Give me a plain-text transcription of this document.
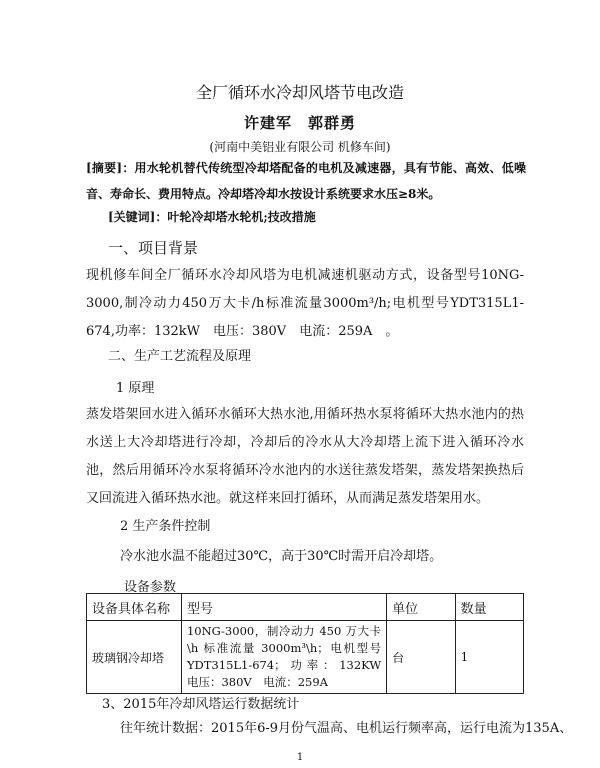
全厂循环水冷却风塔节电改造
许建军　郭群勇
(河南中美铝业有限公司 机修车间)
[摘要]：用水轮机替代传统型冷却塔配备的电机及减速器，具有节能、高效、低噪音、寿命长、费用特点。冷却塔冷却水按设计系统要求水压≥8米。
[关键词]：叶轮冷却塔水轮机;技改措施
一、项目背景
现机修车间全厂循环水冷却风塔为电机减速机驱动方式，设备型号10NG-3000,制冷动力450万大卡/h标准流量3000m³/h;电机型号YDT315L1-674,功率：132kW　电压：380V　电流：259A　。
二、生产工艺流程及原理
1 原理
蒸发塔架回水进入循环水循环大热水池,用循环热水泵将循环大热水池内的热水送上大冷却塔进行冷却，冷却后的冷水从大冷却塔上流下进入循环冷水池，然后用循环冷水泵将循环冷水池内的水送往蒸发塔架，蒸发塔架换热后又回流进入循环热水池。就这样来回打循环，从而满足蒸发塔架用水。
2 生产条件控制
冷水池水温不能超过30℃，高于30℃时需开启冷却塔。
设备参数
设备具体名称	型号	单位	数量
玻璃钢冷却塔	10NG-3000，制冷动力 450 万大卡\h 标准流量 3000m³\h；电机型号 YDT315L1-674；功率：132KW　电压：380V　电流：259A	台	1
3、2015年冷却风塔运行数据统计
往年统计数据：2015年6-9月份气温高、电机运行频率高，运行电流为135A、
1
